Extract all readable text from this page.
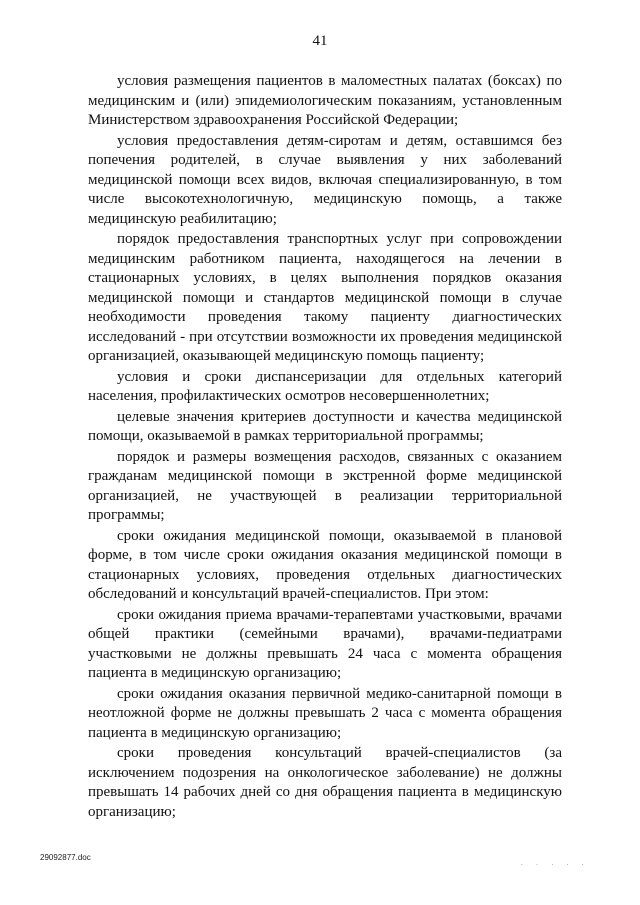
41

условия размещения пациентов в маломестных палатах (боксах) по медицинским и (или) эпидемиологическим показаниям, установленным Министерством здравоохранения Российской Федерации;

условия предоставления детям-сиротам и детям, оставшимся без попечения родителей, в случае выявления у них заболеваний медицинской помощи всех видов, включая специализированную, в том числе высокотехнологичную, медицинскую помощь, а также медицинскую реабилитацию;

порядок предоставления транспортных услуг при сопровождении медицинским работником пациента, находящегося на лечении в стационарных условиях, в целях выполнения порядков оказания медицинской помощи и стандартов медицинской помощи в случае необходимости проведения такому пациенту диагностических исследований - при отсутствии возможности их проведения медицинской организацией, оказывающей медицинскую помощь пациенту;

условия и сроки диспансеризации для отдельных категорий населения, профилактических осмотров несовершеннолетних;

целевые значения критериев доступности и качества медицинской помощи, оказываемой в рамках территориальной программы;

порядок и размеры возмещения расходов, связанных с оказанием гражданам медицинской помощи в экстренной форме медицинской организацией, не участвующей в реализации территориальной программы;

сроки ожидания медицинской помощи, оказываемой в плановой форме, в том числе сроки ожидания оказания медицинской помощи в стационарных условиях, проведения отдельных диагностических обследований и консультаций врачей-специалистов. При этом:

сроки ожидания приема врачами-терапевтами участковыми, врачами общей практики (семейными врачами), врачами-педиатрами участковыми не должны превышать 24 часа с момента обращения пациента в медицинскую организацию;

сроки ожидания оказания первичной медико-санитарной помощи в неотложной форме не должны превышать 2 часа с момента обращения пациента в медицинскую организацию;

сроки проведения консультаций врачей-специалистов (за исключением подозрения на онкологическое заболевание) не должны превышать 14 рабочих дней со дня обращения пациента в медицинскую организацию;

29092877.doc
. . . . .
